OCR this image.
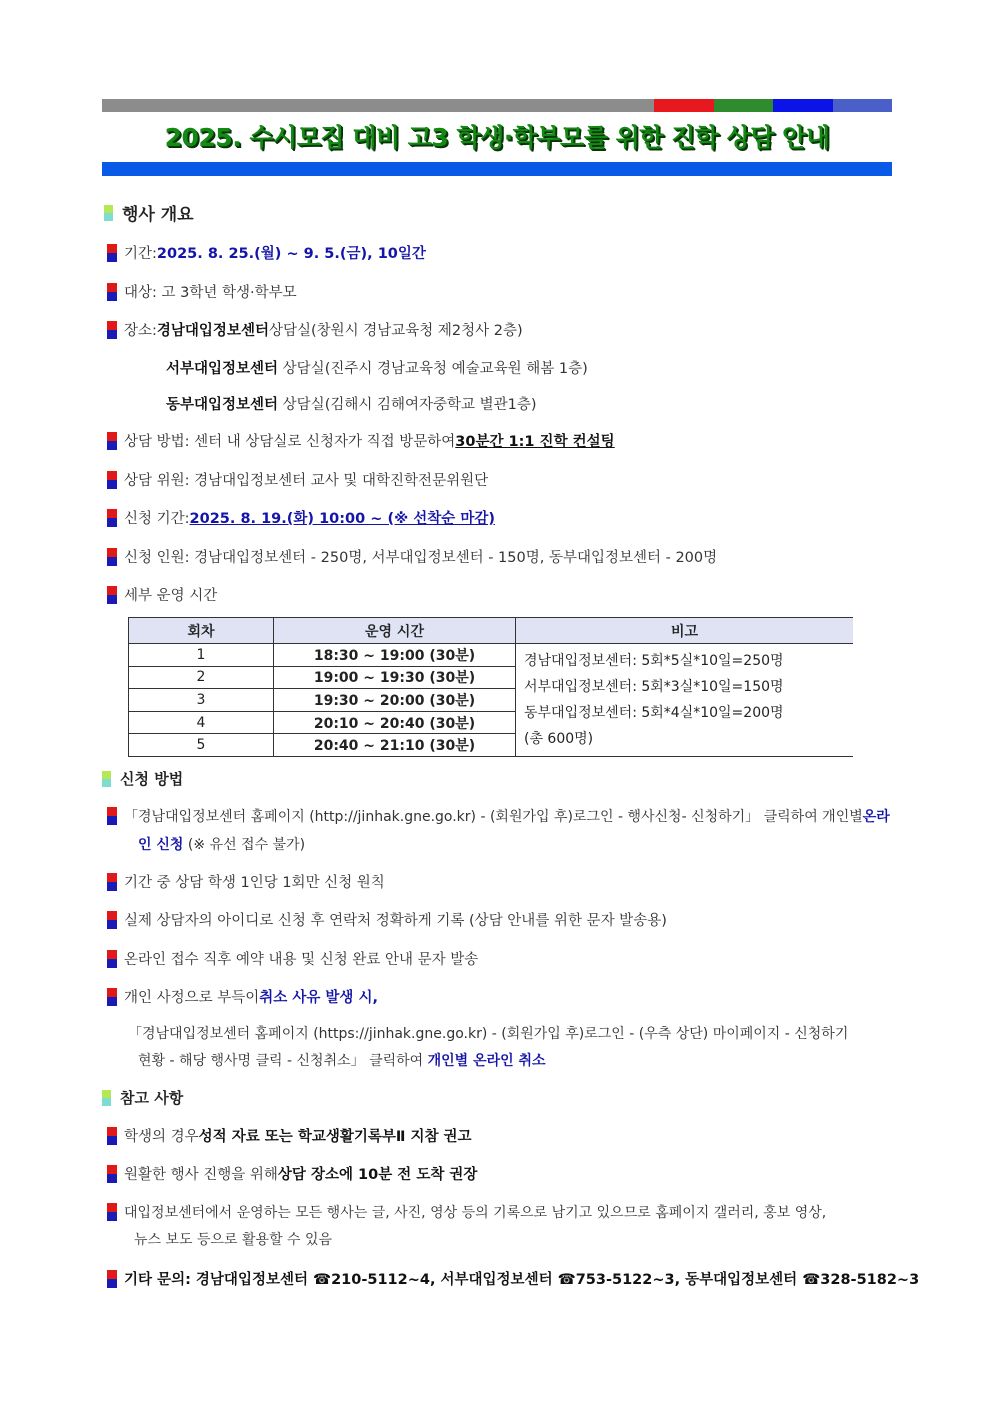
2025. 수시모집 대비 고3 학생·학부모를 위한 진학 상담 안내
행사 개요
기간: 2025. 8. 25.(월) ~ 9. 5.(금), 10일간
대상: 고 3학년 학생·학부모
장소: 경남대입정보센터 상담실(창원시 경남교육청 제2청사 2층)
서부대입정보센터 상담실(진주시 경남교육청 예술교육원 해봄 1층)
동부대입정보센터 상담실(김해시 김해여자중학교 별관1층)
상담 방법: 센터 내 상담실로 신청자가 직접 방문하여 30분간 1:1 진학 컨설팅
상담 위원: 경남대입정보센터 교사 및 대학진학전문위원단
신청 기간: 2025. 8. 19.(화) 10:00 ~ (※ 선착순 마감)
신청 인원: 경남대입정보센터 - 250명, 서부대입정보센터 - 150명, 동부대입정보센터 - 200명
세부 운영 시간
회차	운영 시간	비고
1	18:30 ~ 19:00 (30분)	경남대입정보센터: 5회*5실*10일=250명
서부대입정보센터: 5회*3실*10일=150명
동부대입정보센터: 5회*4실*10일=200명
(총 600명)

2	19:00 ~ 19:30 (30분)	
3	19:30 ~ 20:00 (30분)	
4	20:10 ~ 20:40 (30분)	
5	20:40 ~ 21:10 (30분)	
신청 방법
「경남대입정보센터 홈페이지 (http://jinhak.gne.go.kr) - (회원가입 후)로그인 - 행사신청- 신청하기」 클릭하여 개인별 온라
인 신청 (※ 유선 접수 불가)
기간 중 상담 학생 1인당 1회만 신청 원칙
실제 상담자의 아이디로 신청 후 연락처 정확하게 기록 (상담 안내를 위한 문자 발송용)
온라인 접수 직후 예약 내용 및 신청 완료 안내 문자 발송
개인 사정으로 부득이 취소 사유 발생 시,
「경남대입정보센터 홈페이지 (https://jinhak.gne.go.kr) - (회원가입 후)로그인 - (우측 상단) 마이페이지 - 신청하기
현황 - 해당 행사명 클릭 - 신청취소」 클릭하여 개인별 온라인 취소
참고 사항
학생의 경우 성적 자료 또는 학교생활기록부Ⅱ 지참 권고
원활한 행사 진행을 위해 상담 장소에 10분 전 도착 권장
대입정보센터에서 운영하는 모든 행사는 글, 사진, 영상 등의 기록으로 남기고 있으므로 홈페이지 갤러리, 홍보 영상,
뉴스 보도 등으로 활용할 수 있음
기타 문의: 경남대입정보센터 ☎210-5112~4, 서부대입정보센터 ☎753-5122~3, 동부대입정보센터 ☎328-5182~3
